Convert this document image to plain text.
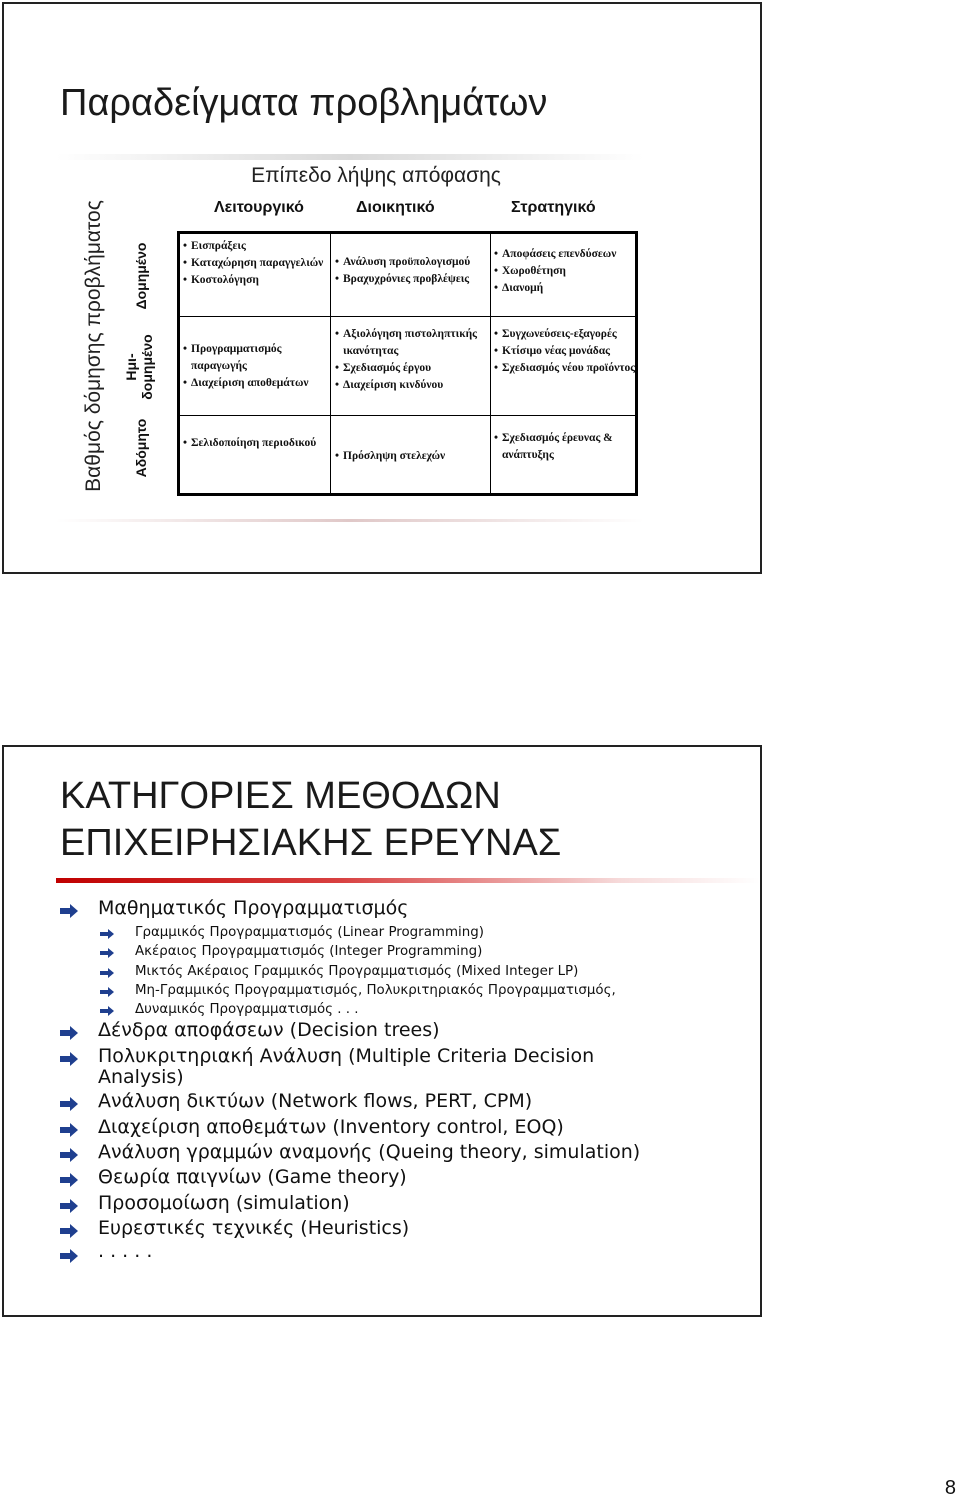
Παραδείγματα προβλημάτων
Επίπεδο λήψης απόφασης
Λειτουργικό	Διοικητικό	Στρατηγικό
Βαθμός δόμησης προβλήματος Δομημένο
Ημι-
δομημένο
Αδόμητο
• Εισπράξεις
• Καταχώρηση παραγγελιών
• Κοστολόγηση
• Ανάλυση προϋπολογισμού
• Βραχυχρόνιες προβλέψεις
• Αποφάσεις επενδύσεων
• Χωροθέτηση
• Διανομή
• Προγραμματισμός παραγωγής
• Διαχείριση αποθεμάτων
• Αξιολόγηση πιστοληπτικής ικανότητας
• Σχεδιασμός έργου
• Διαχείριση κινδύνου
• Συγχωνεύσεις-εξαγορές
• Κτίσιμο νέας μονάδας
• Σχεδιασμός νέου προϊόντος
• Σελιδοποίηση περιοδικού
• Πρόσληψη στελεχών
• Σχεδιασμός έρευνας & ανάπτυξης
ΚΑΤΗΓΟΡΙΕΣ ΜΕΘΟΔΩΝ
ΕΠΙΧΕΙΡΗΣΙΑΚΗΣ ΕΡΕΥΝΑΣ
Μαθηματικός Προγραμματισμός
Γραμμικός Προγραμματισμός (Linear Programming)
Ακέραιος Προγραμματισμός (Integer Programming)
Μικτός Ακέραιος Γραμμικός Προγραμματισμός (Mixed Integer LP)
Μη-Γραμμικός Προγραμματισμός, Πολυκριτηριακός Προγραμματισμός,
Δυναμικός Προγραμματισμός . . .
Δένδρα αποφάσεων (Decision trees)
Πολυκριτηριακή Ανάλυση (Multiple Criteria Decision
Analysis)
Ανάλυση δικτύων (Network flows, PERT, CPM)
Διαχείριση αποθεμάτων (Inventory control, EOQ)
Ανάλυση γραμμών αναμονής (Queing theory, simulation)
Θεωρία παιγνίων (Game theory)
Προσομοίωση (simulation)
Ευρεστικές τεχνικές (Heuristics)
. . . . .
8
